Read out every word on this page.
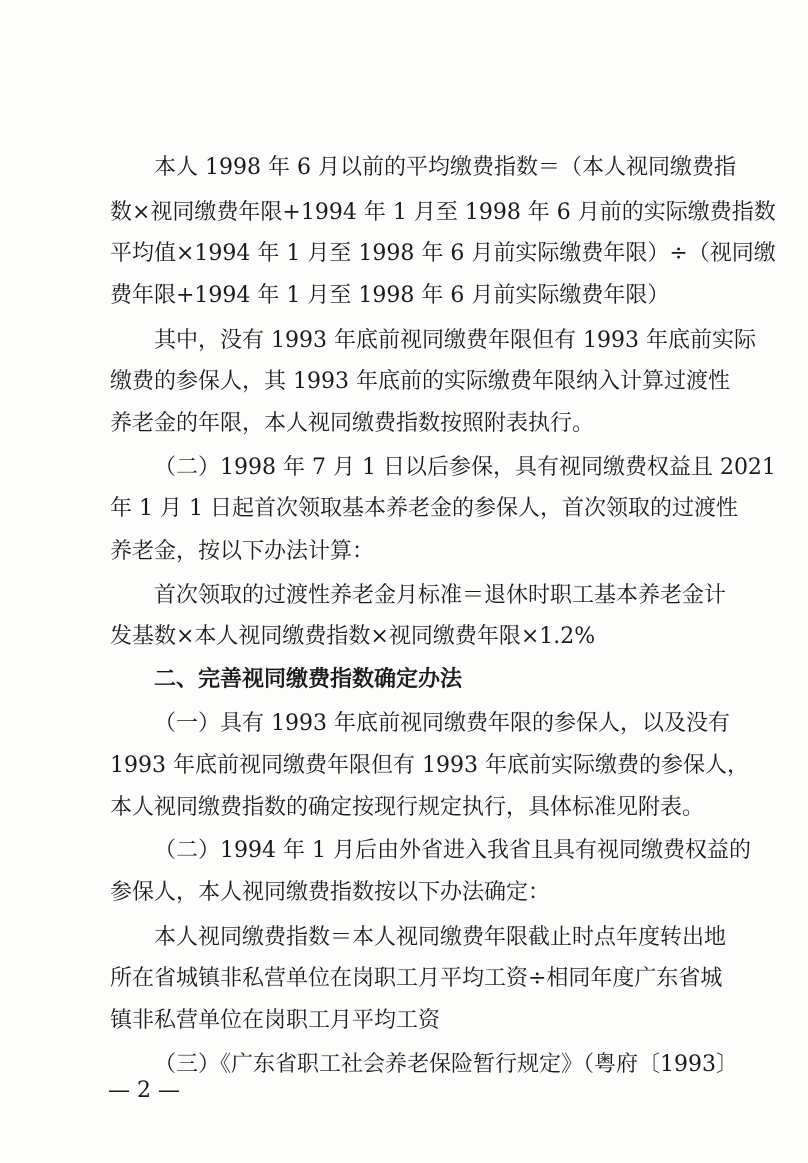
本人 1998 年 6 月以前的平均缴费指数＝（本人视同缴费指
数×视同缴费年限+1994 年 1 月至 1998 年 6 月前的实际缴费指数
平均值×1994 年 1 月至 1998 年 6 月前实际缴费年限）÷（视同缴
费年限+1994 年 1 月至 1998 年 6 月前实际缴费年限）
其中，没有 1993 年底前视同缴费年限但有 1993 年底前实际
缴费的参保人，其 1993 年底前的实际缴费年限纳入计算过渡性
养老金的年限，本人视同缴费指数按照附表执行。
（二）1998 年 7 月 1 日以后参保，具有视同缴费权益且 2021
年 1 月 1 日起首次领取基本养老金的参保人，首次领取的过渡性
养老金，按以下办法计算：
首次领取的过渡性养老金月标准＝退休时职工基本养老金计
发基数×本人视同缴费指数×视同缴费年限×1.2%
（一）具有 1993 年底前视同缴费年限的参保人，以及没有
1993 年底前视同缴费年限但有 1993 年底前实际缴费的参保人，
本人视同缴费指数的确定按现行规定执行，具体标准见附表。
（二）1994 年 1 月后由外省进入我省且具有视同缴费权益的
参保人，本人视同缴费指数按以下办法确定：
本人视同缴费指数＝本人视同缴费年限截止时点年度转出地
所在省城镇非私营单位在岗职工月平均工资÷相同年度广东省城
镇非私营单位在岗职工月平均工资
（三）《广东省职工社会养老保险暂行规定》（粤府〔1993〕
二、完善视同缴费指数确定办法
— 2 —
